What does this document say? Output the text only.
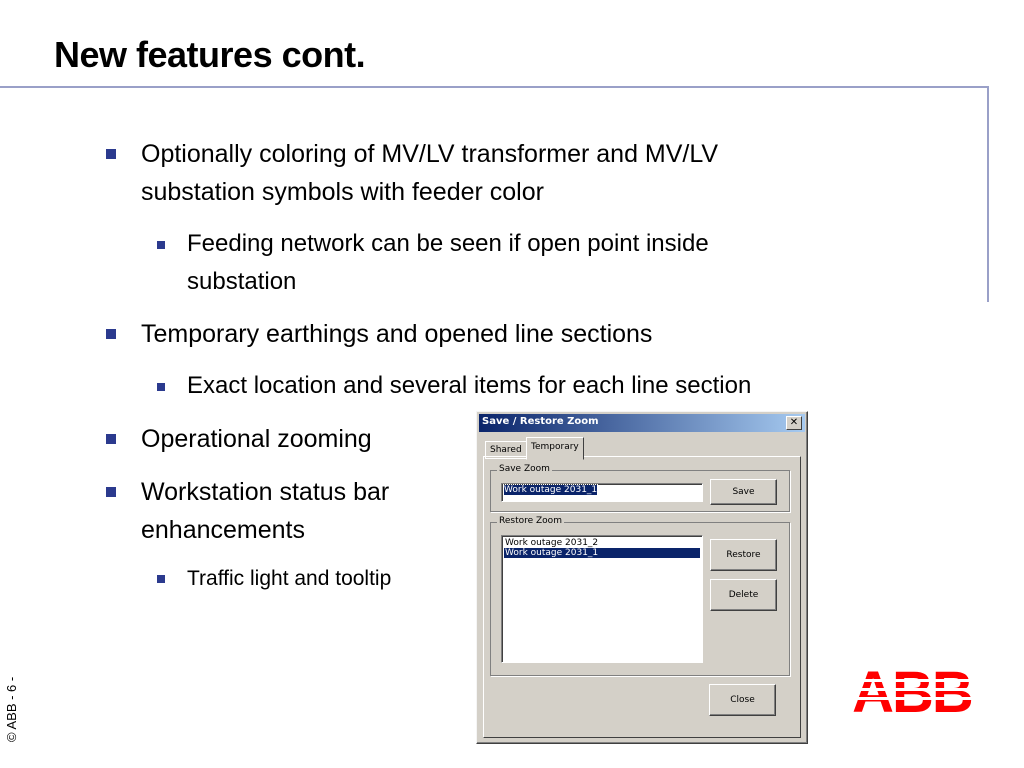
New features cont.
Optionally coloring of MV/LV transformer and MV/LV
substation symbols with feeder color
Feeding network can be seen if open point inside
substation
Temporary earthings and opened line sections
Exact location and several items for each line section
Operational zooming
Workstation status bar
enhancements
Traffic light and tooltip
Save / Restore Zoom	✕
Shared	Temporary
Save Zoom
Work outage 2031_1	Save
Restore Zoom
Work outage 2031_2
Work outage 2031_1	Restore
Delete
Close
© ABB - 6 -
